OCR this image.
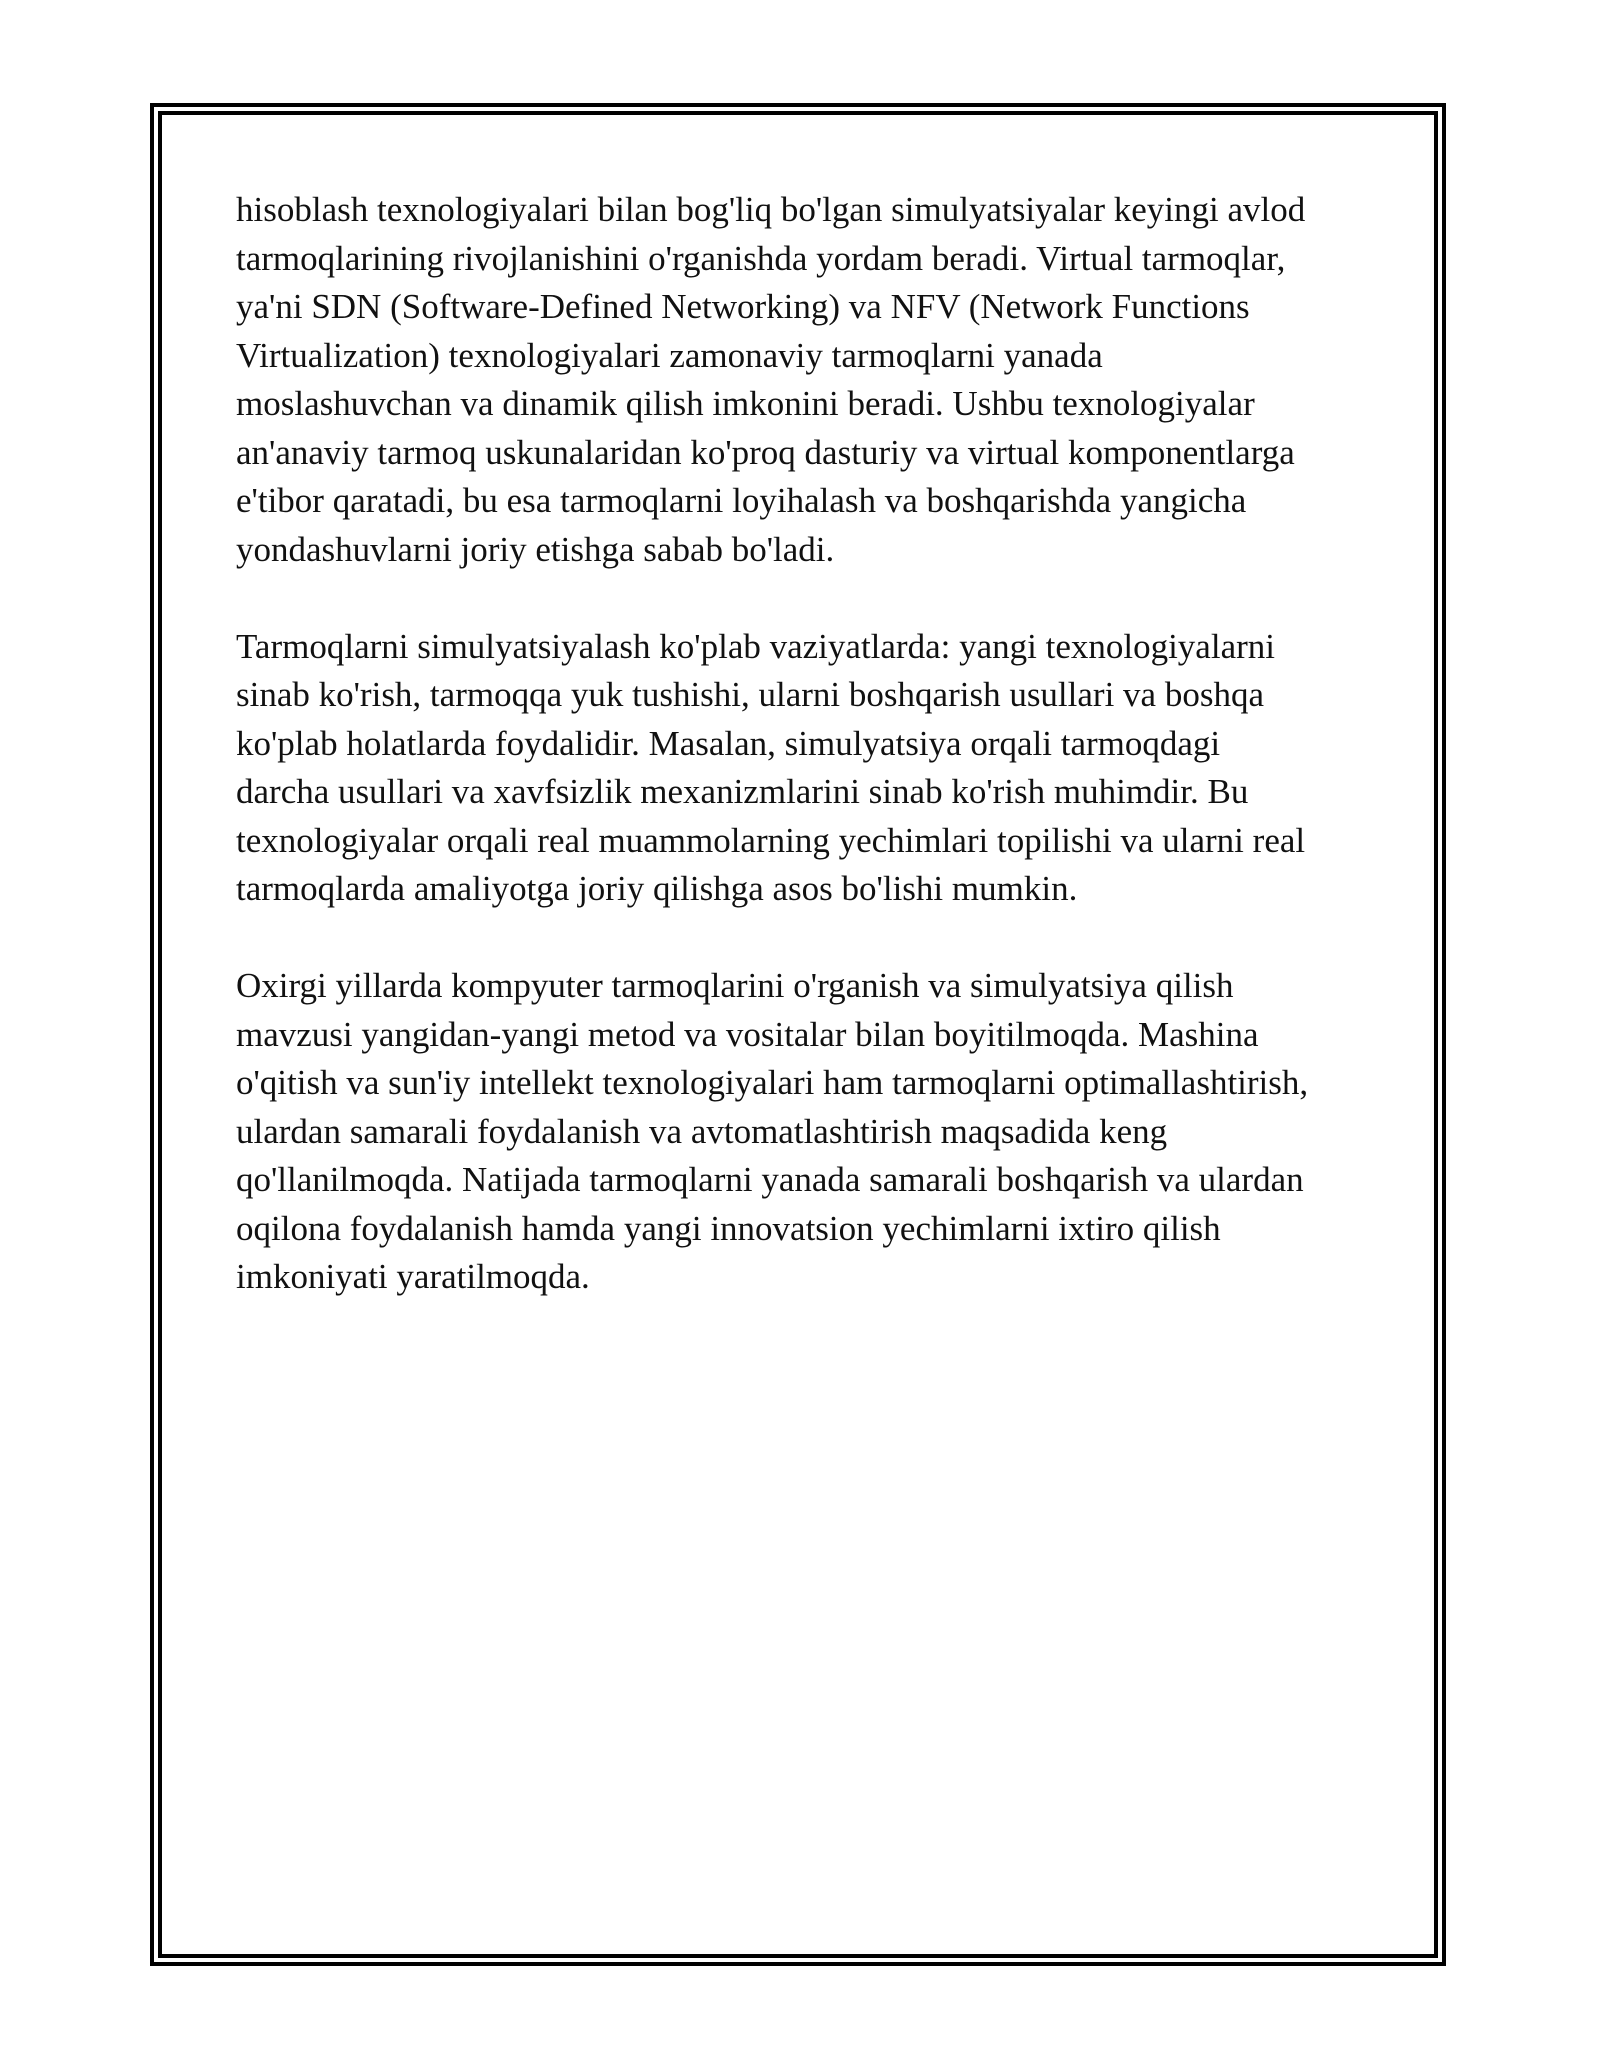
hisoblash texnologiyalari bilan bog'liq bo'lgan simulyatsiyalar keyingi avlod
tarmoqlarining rivojlanishini o'rganishda yordam beradi. Virtual tarmoqlar,
ya'ni SDN (Software-Defined Networking) va NFV (Network Functions
Virtualization) texnologiyalari zamonaviy tarmoqlarni yanada
moslashuvchan va dinamik qilish imkonini beradi. Ushbu texnologiyalar
an'anaviy tarmoq uskunalaridan ko'proq dasturiy va virtual komponentlarga
e'tibor qaratadi, bu esa tarmoqlarni loyihalash va boshqarishda yangicha
yondashuvlarni joriy etishga sabab bo'ladi.

Tarmoqlarni simulyatsiyalash ko'plab vaziyatlarda: yangi texnologiyalarni
sinab ko'rish, tarmoqqa yuk tushishi, ularni boshqarish usullari va boshqa
ko'plab holatlarda foydalidir. Masalan, simulyatsiya orqali tarmoqdagi
darcha usullari va xavfsizlik mexanizmlarini sinab ko'rish muhimdir. Bu
texnologiyalar orqali real muammolarning yechimlari topilishi va ularni real
tarmoqlarda amaliyotga joriy qilishga asos bo'lishi mumkin.

Oxirgi yillarda kompyuter tarmoqlarini o'rganish va simulyatsiya qilish
mavzusi yangidan-yangi metod va vositalar bilan boyitilmoqda. Mashina
o'qitish va sun'iy intellekt texnologiyalari ham tarmoqlarni optimallashtirish,
ulardan samarali foydalanish va avtomatlashtirish maqsadida keng
qo'llanilmoqda. Natijada tarmoqlarni yanada samarali boshqarish va ulardan
oqilona foydalanish hamda yangi innovatsion yechimlarni ixtiro qilish
imkoniyati yaratilmoqda.
